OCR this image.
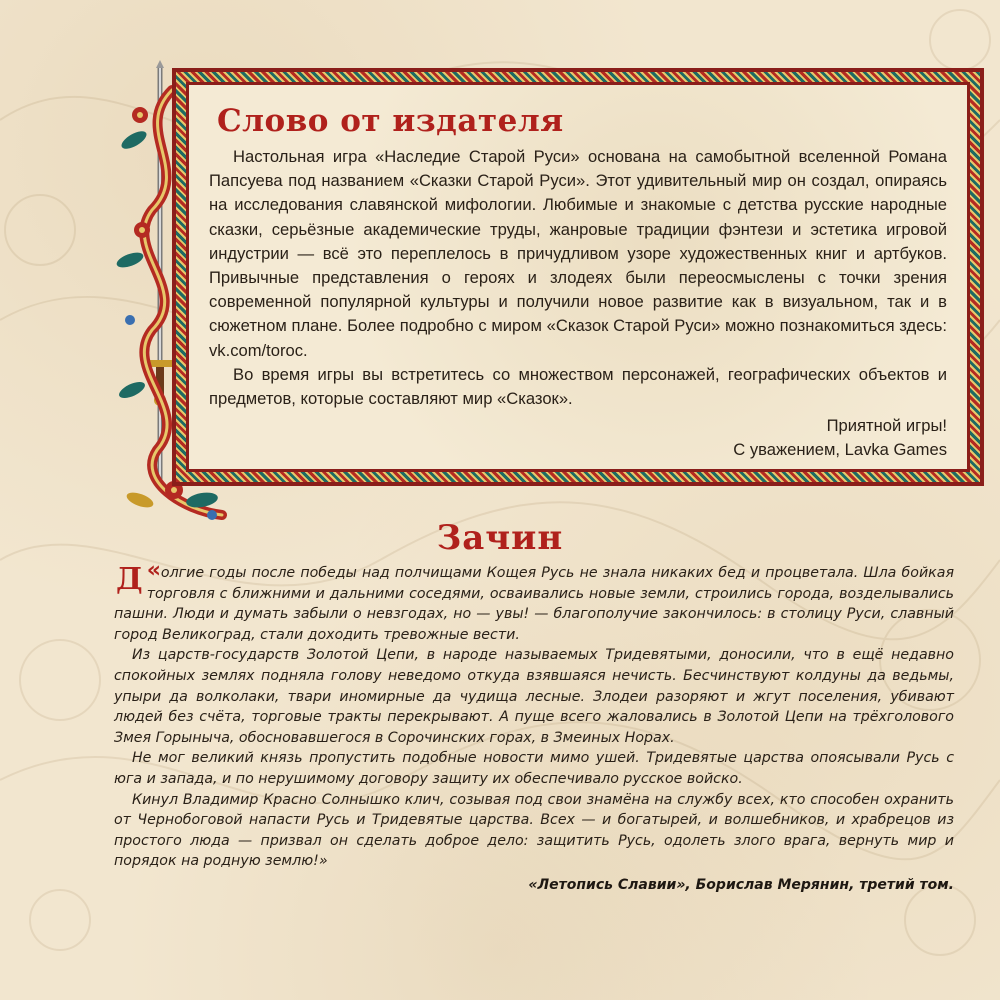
Слово от издателя

Настольная игра «Наследие Старой Руси» основана на самобытной вселенной Романа Папсуева под названием «Сказки Старой Руси». Этот удивительный мир он создал, опираясь на исследования славянской мифологии. Любимые и знакомые с детства русские народные сказки, серьёзные академические труды, жанровые традиции фэнтези и эстетика игровой индустрии — всё это переплелось в причудливом узоре художественных книг и артбуков. Привычные представления о героях и злодеях были переосмыслены с точки зрения современной популярной культуры и получили новое развитие как в визуальном, так и в сюжетном плане. Более подробно с миром «Сказок Старой Руси» можно познакомиться здесь: vk.com/torоc.

Во время игры вы встретитесь со множеством персонажей, географических объектов и предметов, которые составляют мир «Сказок».

Приятной игры!
С уважением, Lavka Games
Зачин

«
Д олгие годы после победы над полчищами Кощея Русь не знала никаких бед и процветала. Шла бойкая торговля с ближними и дальними соседями, осваивались новые земли, строились города, возделывались пашни. Люди и думать забыли о невзгодах, но — увы! — благополучие закончилось: в столицу Руси, славный город Великоград, стали доходить тревожные вести.

Из царств-государств Золотой Цепи, в народе называемых Тридевятыми, доносили, что в ещё недавно спокойных землях подняла голову неведомо откуда взявшаяся нечисть. Бесчинствуют колдуны да ведьмы, упыри да волколаки, твари иномирные да чудища лесные. Злодеи разоряют и жгут поселения, убивают людей без счёта, торговые тракты перекрывают. А пуще всего жаловались в Золотой Цепи на трёхголового Змея Горыныча, обосновавшегося в Сорочинских горах, в Змеиных Норах.

Не мог великий князь пропустить подобные новости мимо ушей. Тридевятые царства опоясывали Русь с юга и запада, и по нерушимому договору защиту их обеспечивало русское войско.

Кинул Владимир Красно Солнышко клич, созывая под свои знамёна на службу всех, кто способен охранить от Чернобоговой напасти Русь и Тридевятые царства. Всех — и богатырей, и волшебников, и храбрецов из простого люда — призвал он сделать доброе дело: защитить Русь, одолеть злого врага, вернуть мир и порядок на родную землю!»

«Летопись Славии», Борислав Мерянин, третий том.
